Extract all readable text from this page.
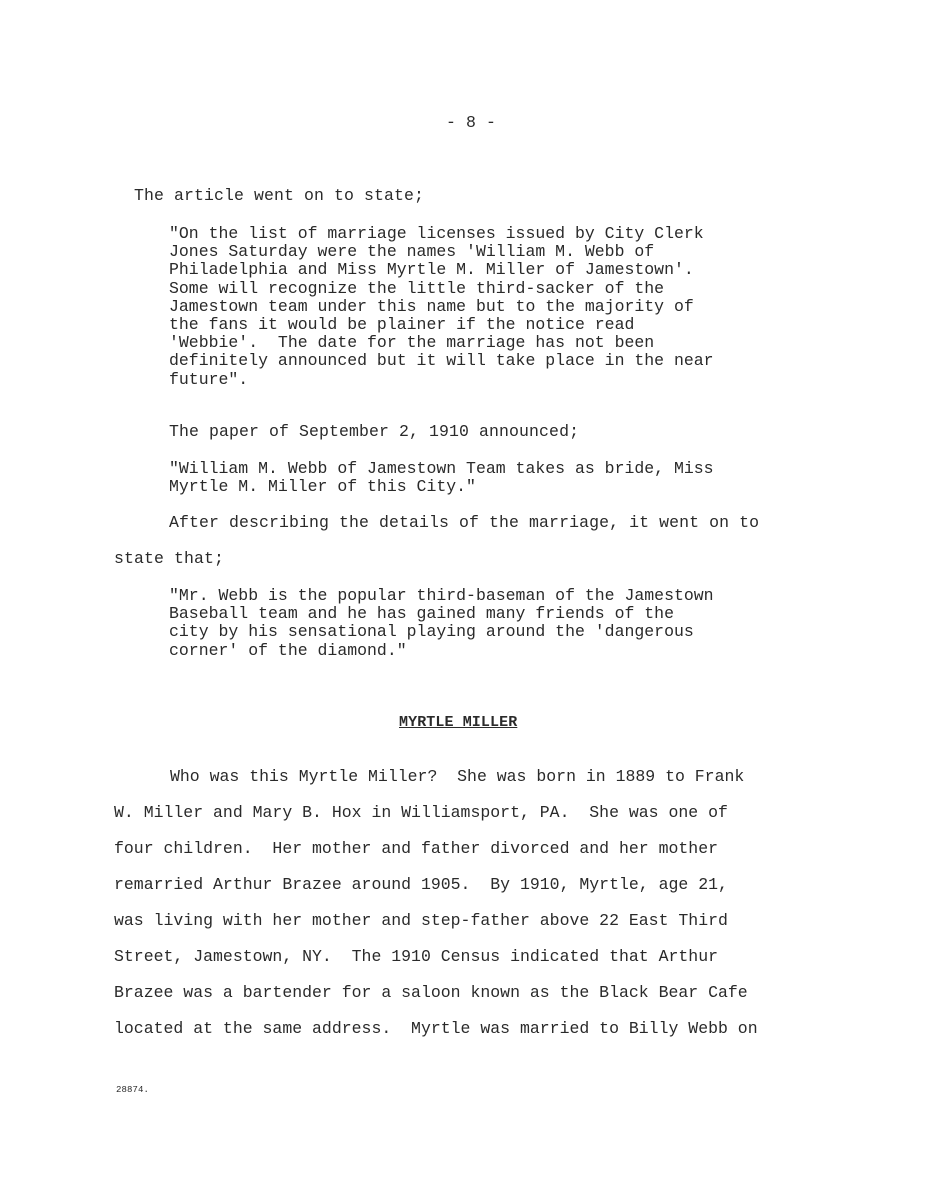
- 8 -
The article went on to state;
"On the list of marriage licenses issued by City Clerk
Jones Saturday were the names 'William M. Webb of
Philadelphia and Miss Myrtle M. Miller of Jamestown'.
Some will recognize the little third-sacker of the
Jamestown team under this name but to the majority of
the fans it would be plainer if the notice read
'Webbie'.  The date for the marriage has not been
definitely announced but it will take place in the near
future".
The paper of September 2, 1910 announced;
"William M. Webb of Jamestown Team takes as bride, Miss
Myrtle M. Miller of this City."
After describing the details of the marriage, it went on to
state that;
"Mr. Webb is the popular third-baseman of the Jamestown
Baseball team and he has gained many friends of the
city by his sensational playing around the 'dangerous
corner' of the diamond."
MYRTLE MILLER
Who was this Myrtle Miller?  She was born in 1889 to Frank
W. Miller and Mary B. Hox in Williamsport, PA.  She was one of
four children.  Her mother and father divorced and her mother
remarried Arthur Brazee around 1905.  By 1910, Myrtle, age 21,
was living with her mother and step-father above 22 East Third
Street, Jamestown, NY.  The 1910 Census indicated that Arthur
Brazee was a bartender for a saloon known as the Black Bear Cafe
located at the same address.  Myrtle was married to Billy Webb on
28874.
